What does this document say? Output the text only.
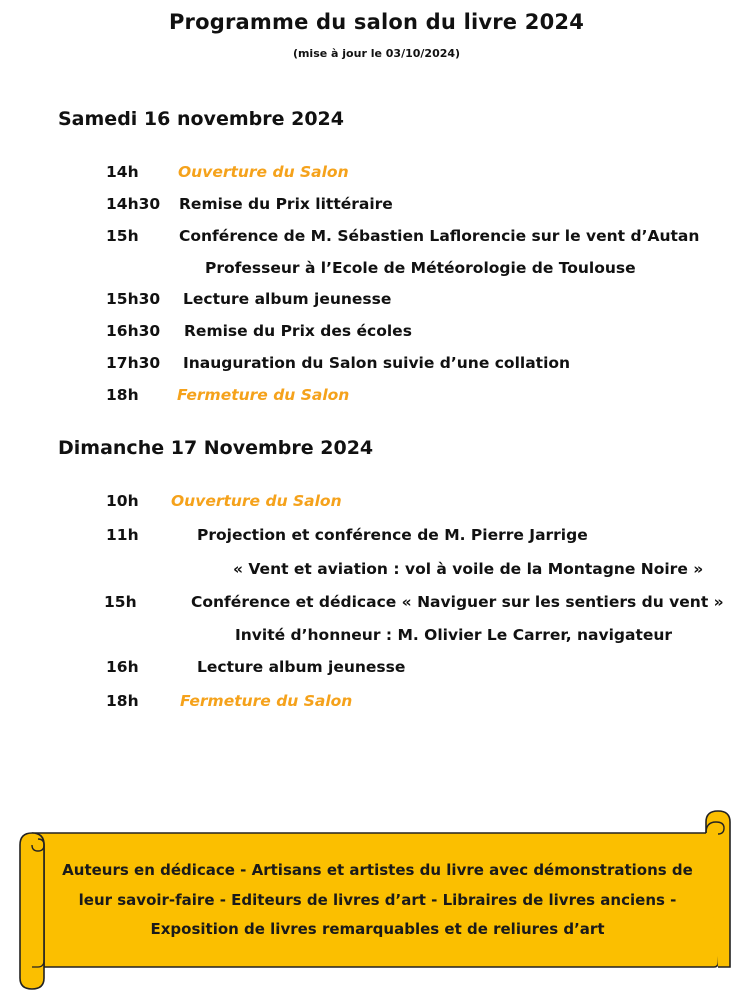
Programme du salon du livre 2024
(mise à jour le 03/10/2024)
Samedi 16 novembre 2024
14h	Ouverture du Salon
14h30 Remise du Prix littéraire
15h	Conférence de M. Sébastien Laflorencie sur le vent d’Autan
Professeur à l’Ecole de Météorologie de Toulouse
15h30 Lecture album jeunesse
16h30 Remise du Prix des écoles
17h30 Inauguration du Salon suivie d’une collation
18h Fermeture du Salon
Dimanche 17 Novembre 2024
10h Ouverture du Salon
11h	Projection et conférence de M. Pierre Jarrige
« Vent et aviation : vol à voile de la Montagne Noire »
15h	Conférence et dédicace « Naviguer sur les sentiers du vent »
Invité d’honneur : M. Olivier Le Carrer, navigateur
16h	Lecture album jeunesse
18h	Fermeture du Salon
Auteurs en dédicace - Artisans et artistes du livre avec démonstrations de
leur savoir-faire - Editeurs de livres d’art - Libraires de livres anciens -
Exposition de livres remarquables et de reliures d’art
